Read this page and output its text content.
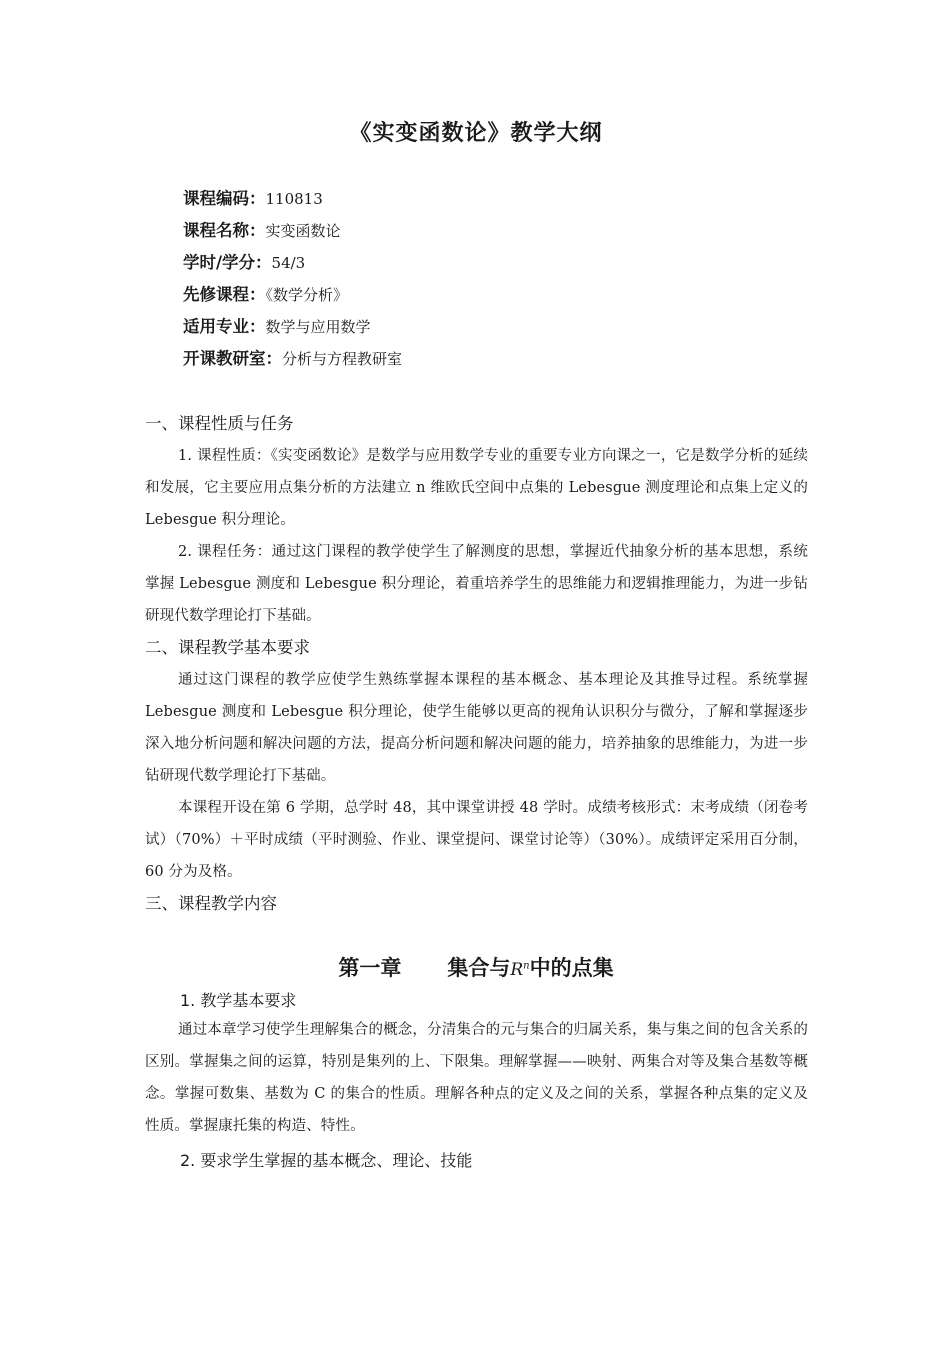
《实变函数论》教学大纲
课程编码：110813
课程名称：实变函数论
学时/学分：54/3
先修课程：《数学分析》
适用专业：数学与应用数学
开课教研室：分析与方程教研室
一、课程性质与任务
1. 课程性质：《实变函数论》是数学与应用数学专业的重要专业方向课之一，它是数学分析的延续和发展，它主要应用点集分析的方法建立 n 维欧氏空间中点集的 Lebesgue 测度理论和点集上定义的 Lebesgue 积分理论。
2. 课程任务：通过这门课程的教学使学生了解测度的思想，掌握近代抽象分析的基本思想，系统掌握 Lebesgue 测度和 Lebesgue 积分理论，着重培养学生的思维能力和逻辑推理能力，为进一步钻研现代数学理论打下基础。
二、课程教学基本要求
通过这门课程的教学应使学生熟练掌握本课程的基本概念、基本理论及其推导过程。系统掌握 Lebesgue 测度和 Lebesgue 积分理论，使学生能够以更高的视角认识积分与微分，了解和掌握逐步深入地分析问题和解决问题的方法，提高分析问题和解决问题的能力，培养抽象的思维能力，为进一步钻研现代数学理论打下基础。
本课程开设在第 6 学期，总学时 48，其中课堂讲授 48 学时。成绩考核形式：末考成绩（闭卷考试）（70%）＋平时成绩（平时测验、作业、课堂提问、课堂讨论等）（30%）。成绩评定采用百分制，60 分为及格。
三、课程教学内容
第一章 集合与$R^n$中的点集
1. 教学基本要求
通过本章学习使学生理解集合的概念，分清集合的元与集合的归属关系，集与集之间的包含关系的区别。掌握集之间的运算，特别是集列的上、下限集。理解掌握——映射、两集合对等及集合基数等概念。掌握可数集、基数为 C 的集合的性质。理解各种点的定义及之间的关系，掌握各种点集的定义及性质。掌握康托集的构造、特性。
2. 要求学生掌握的基本概念、理论、技能
